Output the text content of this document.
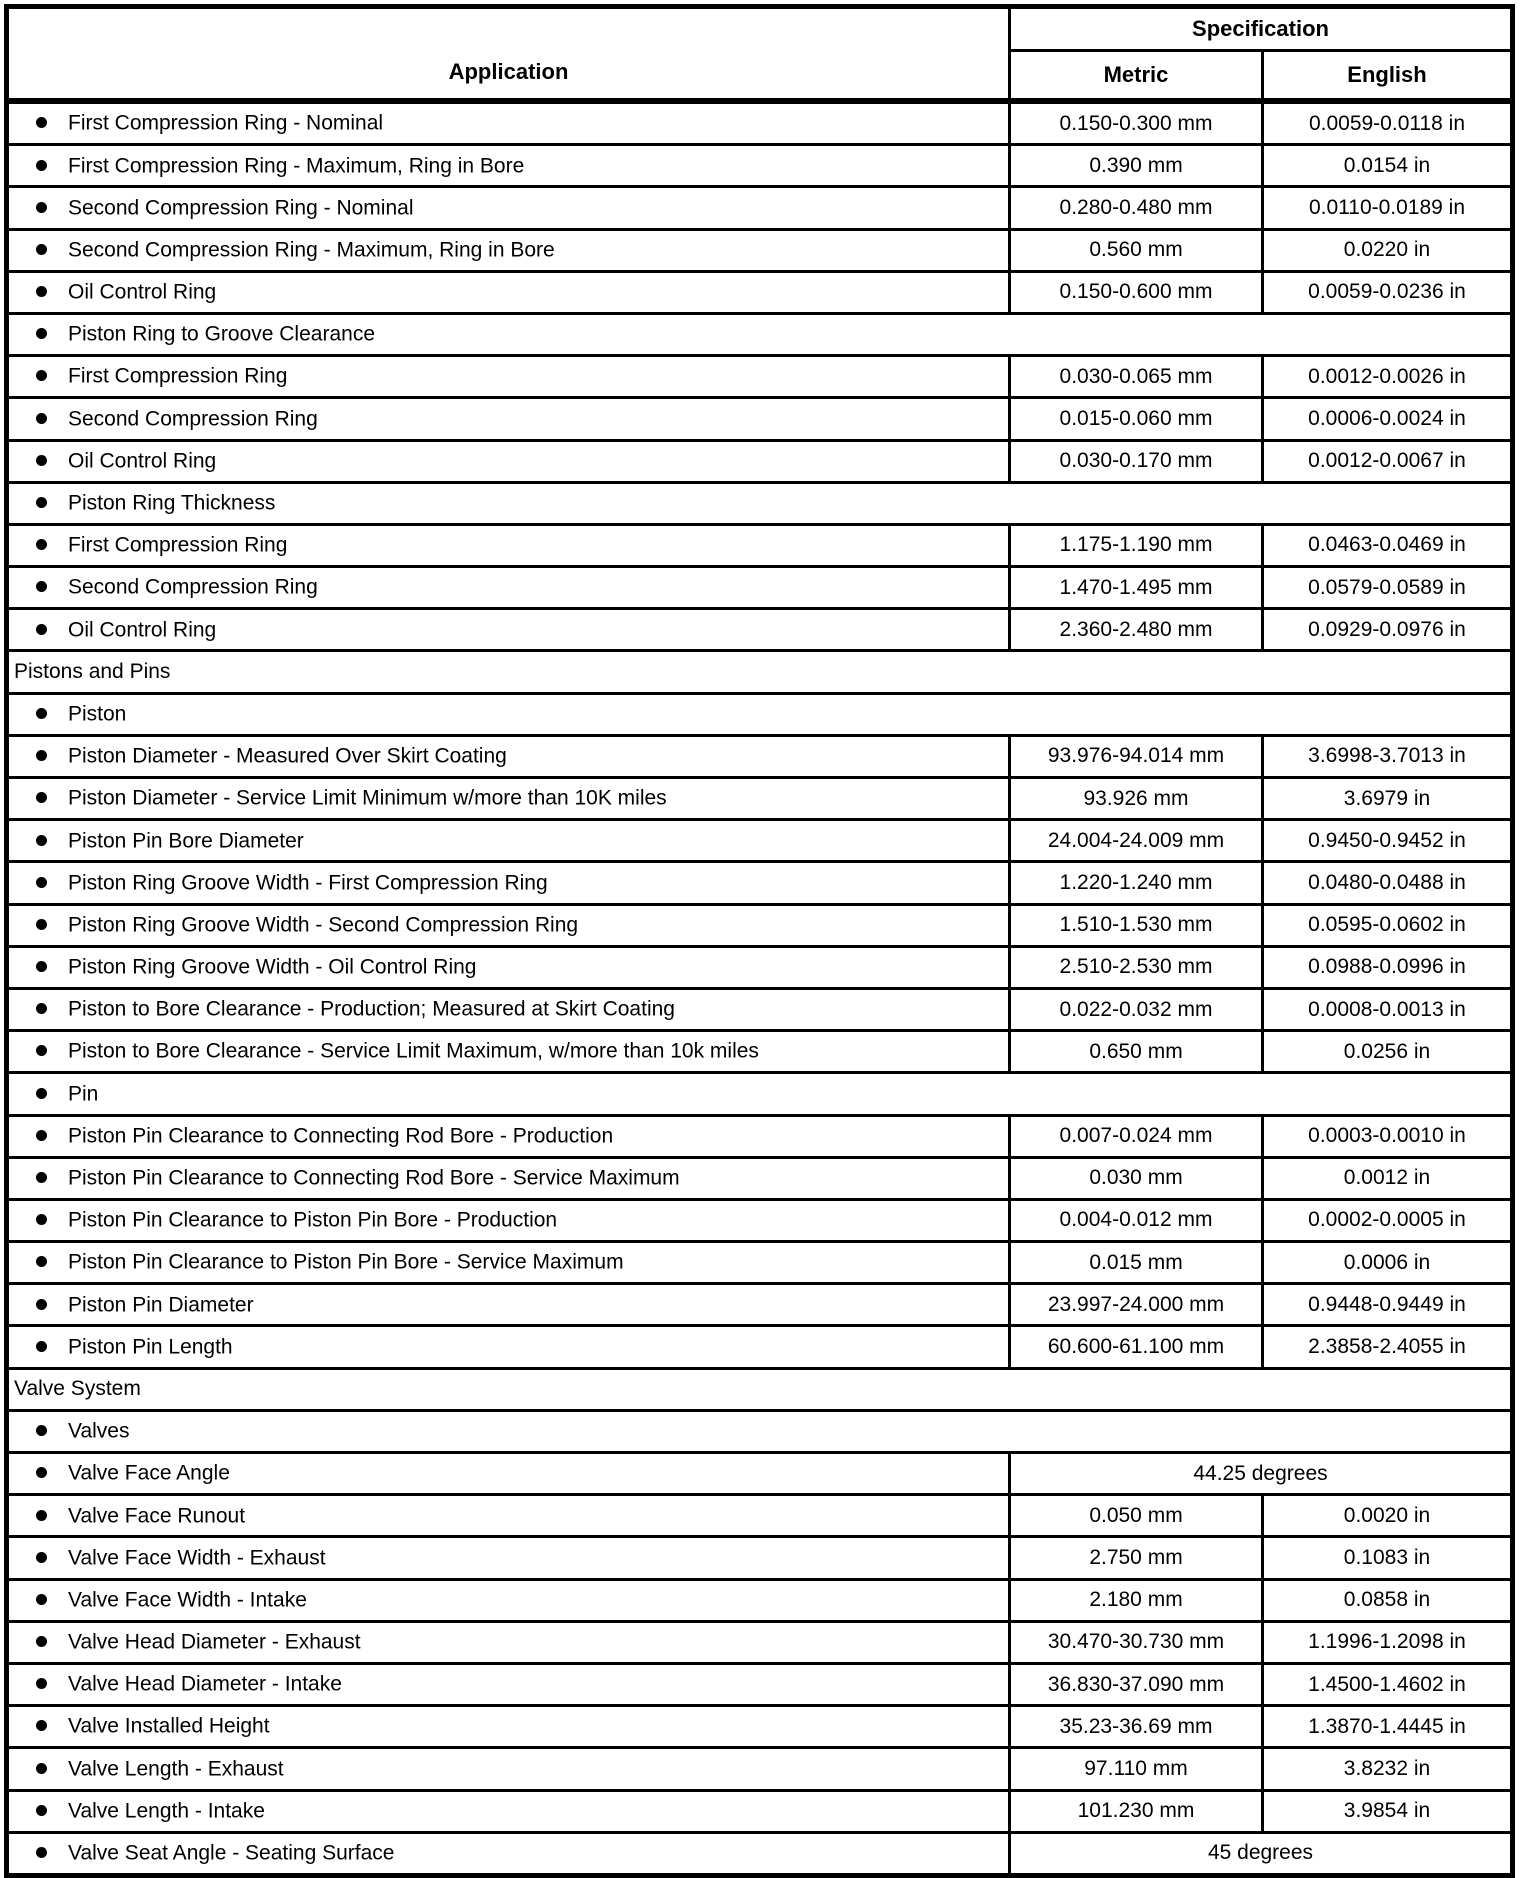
Application	Specification	
	Metric	English
First Compression Ring - Nominal	0.150-0.300 mm	0.0059-0.0118 in
First Compression Ring - Maximum, Ring in Bore	0.390 mm	0.0154 in
Second Compression Ring - Nominal	0.280-0.480 mm	0.0110-0.0189 in
Second Compression Ring - Maximum, Ring in Bore	0.560 mm	0.0220 in
Oil Control Ring	0.150-0.600 mm	0.0059-0.0236 in
Piston Ring to Groove Clearance		
First Compression Ring	0.030-0.065 mm	0.0012-0.0026 in
Second Compression Ring	0.015-0.060 mm	0.0006-0.0024 in
Oil Control Ring	0.030-0.170 mm	0.0012-0.0067 in
Piston Ring Thickness		
First Compression Ring	1.175-1.190 mm	0.0463-0.0469 in
Second Compression Ring	1.470-1.495 mm	0.0579-0.0589 in
Oil Control Ring	2.360-2.480 mm	0.0929-0.0976 in
Pistons and Pins		
Piston		
Piston Diameter - Measured Over Skirt Coating	93.976-94.014 mm	3.6998-3.7013 in
Piston Diameter - Service Limit Minimum w/more than 10K miles	93.926 mm	3.6979 in
Piston Pin Bore Diameter	24.004-24.009 mm	0.9450-0.9452 in
Piston Ring Groove Width - First Compression Ring	1.220-1.240 mm	0.0480-0.0488 in
Piston Ring Groove Width - Second Compression Ring	1.510-1.530 mm	0.0595-0.0602 in
Piston Ring Groove Width - Oil Control Ring	2.510-2.530 mm	0.0988-0.0996 in
Piston to Bore Clearance - Production; Measured at Skirt Coating	0.022-0.032 mm	0.0008-0.0013 in
Piston to Bore Clearance - Service Limit Maximum, w/more than 10k miles	0.650 mm	0.0256 in
Pin		
Piston Pin Clearance to Connecting Rod Bore - Production	0.007-0.024 mm	0.0003-0.0010 in
Piston Pin Clearance to Connecting Rod Bore - Service Maximum	0.030 mm	0.0012 in
Piston Pin Clearance to Piston Pin Bore - Production	0.004-0.012 mm	0.0002-0.0005 in
Piston Pin Clearance to Piston Pin Bore - Service Maximum	0.015 mm	0.0006 in
Piston Pin Diameter	23.997-24.000 mm	0.9448-0.9449 in
Piston Pin Length	60.600-61.100 mm	2.3858-2.4055 in
Valve System		
Valves		
Valve Face Angle	44.25 degrees	
Valve Face Runout	0.050 mm	0.0020 in
Valve Face Width - Exhaust	2.750 mm	0.1083 in
Valve Face Width - Intake	2.180 mm	0.0858 in
Valve Head Diameter - Exhaust	30.470-30.730 mm	1.1996-1.2098 in
Valve Head Diameter - Intake	36.830-37.090 mm	1.4500-1.4602 in
Valve Installed Height	35.23-36.69 mm	1.3870-1.4445 in
Valve Length - Exhaust	97.110 mm	3.8232 in
Valve Length - Intake	101.230 mm	3.9854 in
Valve Seat Angle - Seating Surface	45 degrees	
